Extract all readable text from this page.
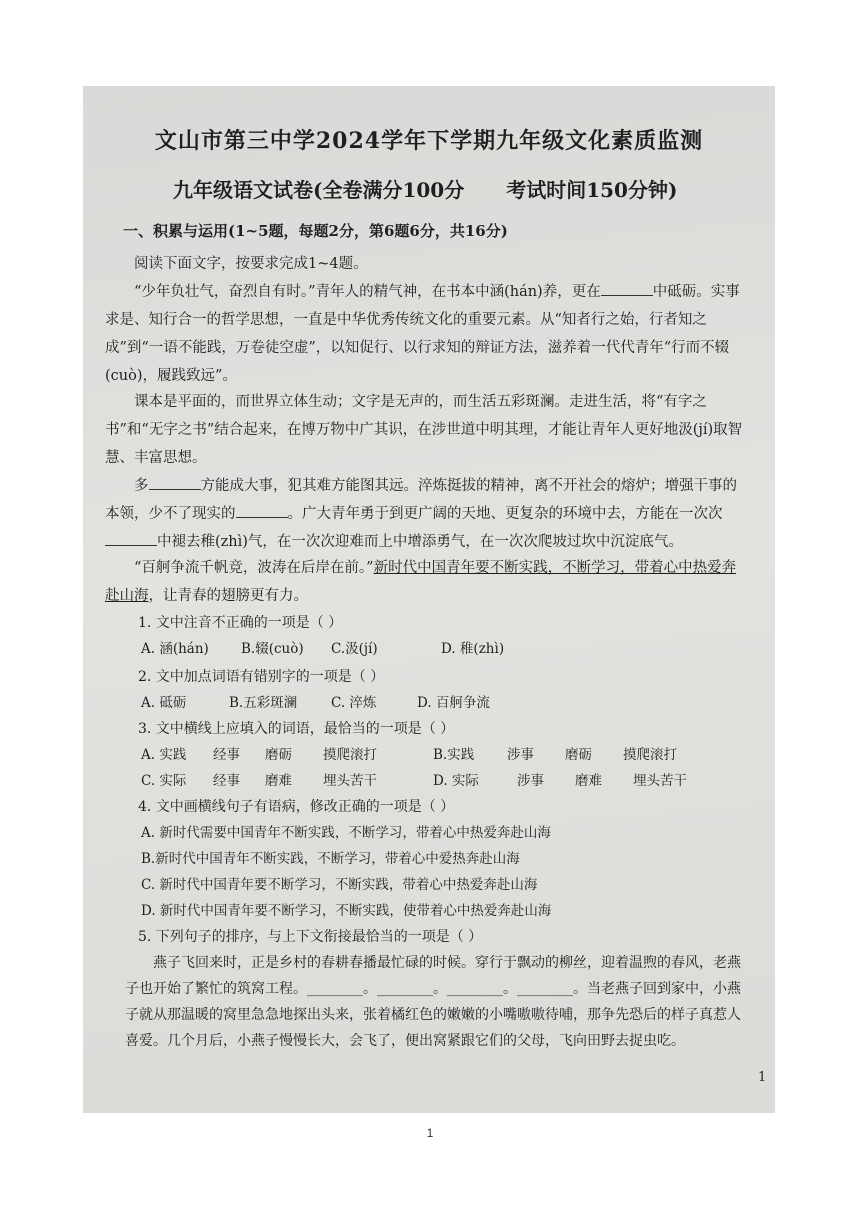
文山市第三中学2024学年下学期九年级文化素质监测
九年级语文试卷(全卷满分100分 考试时间150分钟)
一、积累与运用(1~5题，每题2分，第6题6分，共16分)
阅读下面文字，按要求完成1~4题。
“少年负壮气，奋烈自有时。”青年人的精气神，在书本中涵(hán)养，更在	中砥砺。实事求是、知行合一的哲学思想，一直是中华优秀传统文化的重要元素。从“知者行之始，行者知之成”到“一语不能践，万卷徒空虚”，以知促行、以行求知的辩证方法，滋养着一代代青年“行而不辍(cuò)，履践致远”。
课本是平面的，而世界立体生动；文字是无声的，而生活五彩斑澜。走进生活，将“有字之书”和“无字之书”结合起来，在博万物中广其识，在涉世道中明其理，才能让青年人更好地汲(jí)取智慧、丰富思想。
多	方能成大事，犯其难方能图其远。淬炼挺拔的精神，离不开社会的熔炉；增强干事的本领，少不了现实的	。广大青年勇于到更广阔的天地、更复杂的环境中去，方能在一次次中褪去稚(zhì)气，在一次次迎难而上中增添勇气，在一次次爬坡过坎中沉淀底气。
“百舸争流千帆竞，波涛在后岸在前。”新时代中国青年要不断实践，不断学习，带着心中热爱奔赴山海，让青春的翅膀更有力。
1. 文中注音不正确的一项是（ ）
A. 涵(hán) B.辍(cuò) C.汲(jí)	D. 稚(zhì)
2. 文中加点词语有错别字的一项是（ ）
A. 砥砺	B.五彩斑澜	C. 淬炼	D. 百舸争流
3. 文中横线上应填入的词语，最恰当的一项是（ ）
A. 实践 经事 磨砺 摸爬滚打	B.实践 涉事 磨砺 摸爬滚打
C. 实际 经事 磨难 埋头苦干	D. 实际	涉事 磨难 埋头苦干
4. 文中画横线句子有语病，修改正确的一项是（ ）
A. 新时代需要中国青年不断实践，不断学习，带着心中热爱奔赴山海
B.新时代中国青年不断实践，不断学习，带着心中爱热奔赴山海
C. 新时代中国青年要不断学习，不断实践，带着心中热爱奔赴山海
D. 新时代中国青年要不断学习，不断实践，使带着心中热爱奔赴山海
5. 下列句子的排序，与上下文衔接最恰当的一项是（ ）
燕子飞回来时，正是乡村的春耕春播最忙碌的时候。穿行于飘动的柳丝，迎着温煦的春风，老燕子也开始了繁忙的筑窝工程。________。________。________。________。当老燕子回到家中，小燕子就从那温暖的窝里急急地探出头来，张着橘红色的嫩嫩的小嘴嗷嗷待哺，那争先恐后的样子真惹人喜爱。几个月后，小燕子慢慢长大，会飞了，便出窝紧跟它们的父母，飞向田野去捉虫吃。
1
1
